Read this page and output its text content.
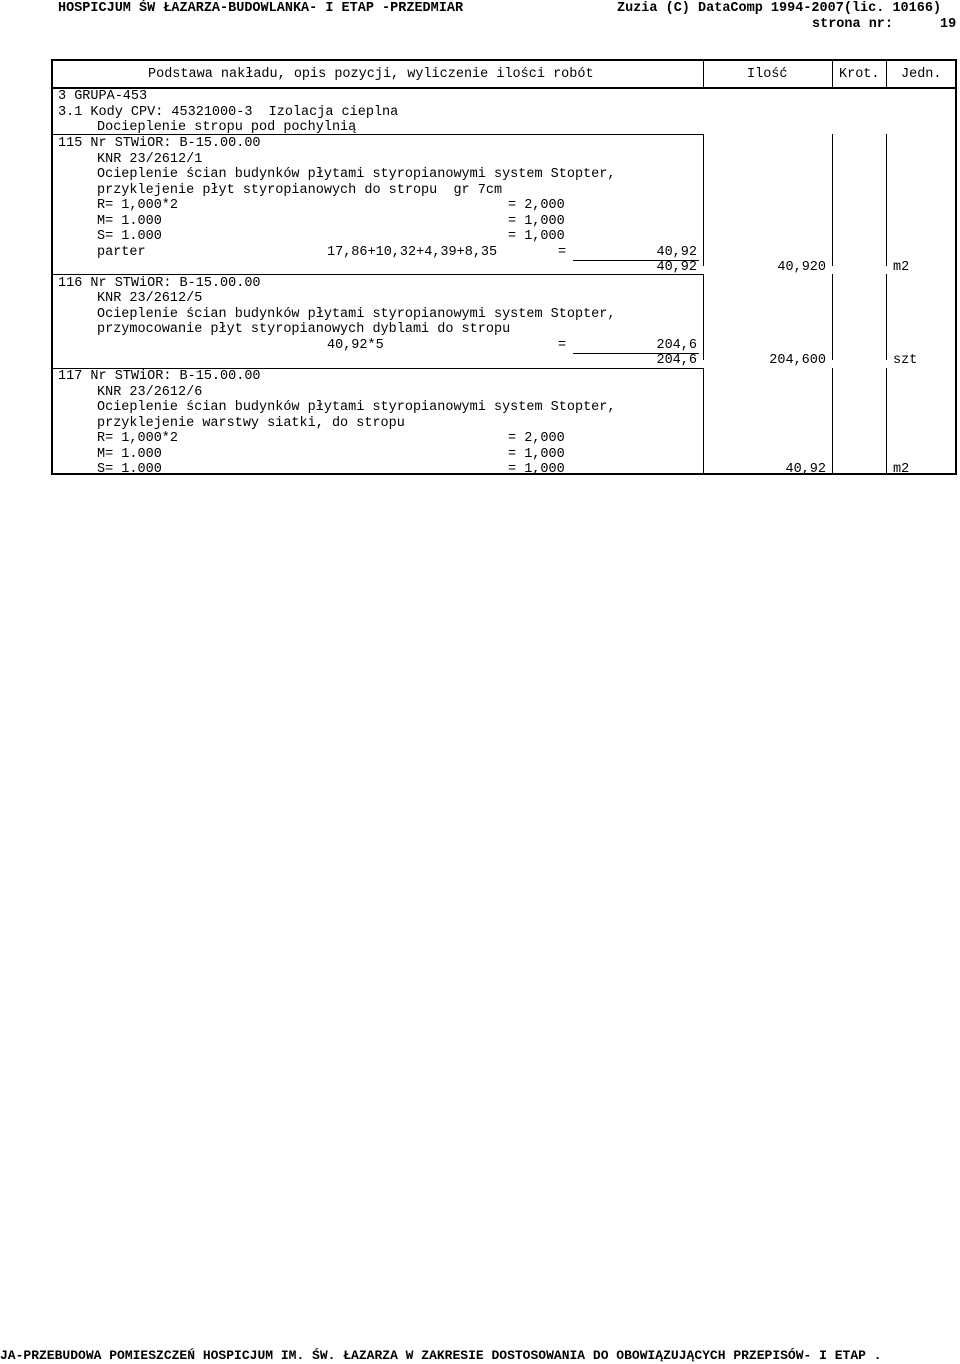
HOSPICJUM ŚW ŁAZARZA-BUDOWLANKA- I ETAP -PRZEDMIAR	Zuzia (C) DataComp 1994-2007(lic. 10166)
strona nr:	19
Podstawa nakładu, opis pozycji, wyliczenie ilości robót	Ilość	Krot. Jedn.
3 GRUPA-453
3.1 Kody CPV: 45321000-3  Izolacja cieplna
Docieplenie stropu pod pochylnią
115 Nr STWiOR: B-15.00.00
KNR 23/2612/1
Ocieplenie ścian budynków płytami styropianowymi system Stopter,
przyklejenie płyt styropianowych do stropu  gr 7cm
R= 1,000*2	= 2,000
M= 1.000	= 1,000
S= 1.000	= 1,000
parter	17,86+10,32+4,39+8,35	=	40,92
40,92	40,920	m2
116 Nr STWiOR: B-15.00.00
KNR 23/2612/5
Ocieplenie ścian budynków płytami styropianowymi system Stopter,
przymocowanie płyt styropianowych dyblami do stropu
40,92*5	=	204,6
204,6	204,600	szt
117 Nr STWiOR: B-15.00.00
KNR 23/2612/6
Ocieplenie ścian budynków płytami styropianowymi system Stopter,
przyklejenie warstwy siatki, do stropu
R= 1,000*2	= 2,000
M= 1.000	= 1,000
S= 1.000	= 1,000	40,92	m2
JA-PRZEBUDOWA POMIESZCZEŃ HOSPICJUM IM. ŚW. ŁAZARZA W ZAKRESIE DOSTOSOWANIA DO OBOWIĄZUJĄCYCH PRZEPISÓW- I ETAP .
